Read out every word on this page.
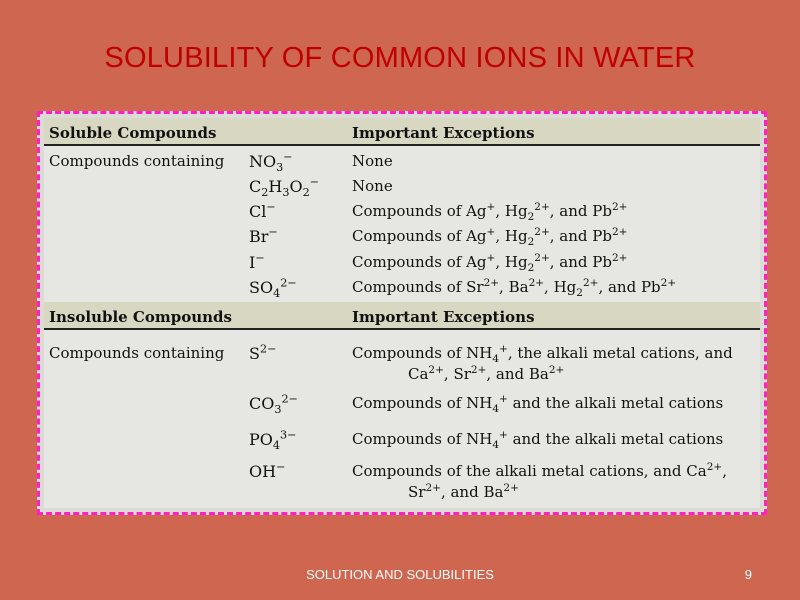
SOLUBILITY OF COMMON IONS IN WATER
Soluble Compounds	Important Exceptions
Compounds containing $NO_3^-$	None
$C_2H_3O_2^-$ None
Cl−	Compounds of Ag+, $Hg_2^{2+}$, and $Pb^{2+}$
Br−	Compounds of Ag+, $Hg_2^{2+}$, and $Pb^{2+}$
I−	Compounds of Ag+, $Hg_2^{2+}$, and $Pb^{2+}$
$SO_4^{2-}$	Compounds of $Sr^{2+}$, $Ba^{2+}$, $Hg_2^{2+}$, and $Pb^{2+}$
Insoluble Compounds	Important Exceptions
Compounds containing $S^{2-}$	Compounds of $NH_4^+$, the alkali metal cations, and
$Ca^{2+}$, $Sr^{2+}$, and $Ba^{2+}$
$CO_3^{2-}$	Compounds of $NH_4^+$ and the alkali metal cations
$PO_4^{3-}$	Compounds of $NH_4^+$ and the alkali metal cations
OH−	Compounds of the alkali metal cations, and $Ca^{2+}$,
$Sr^{2+}$, and $Ba^{2+}$
SOLUTION AND SOLUBILITIES	9
